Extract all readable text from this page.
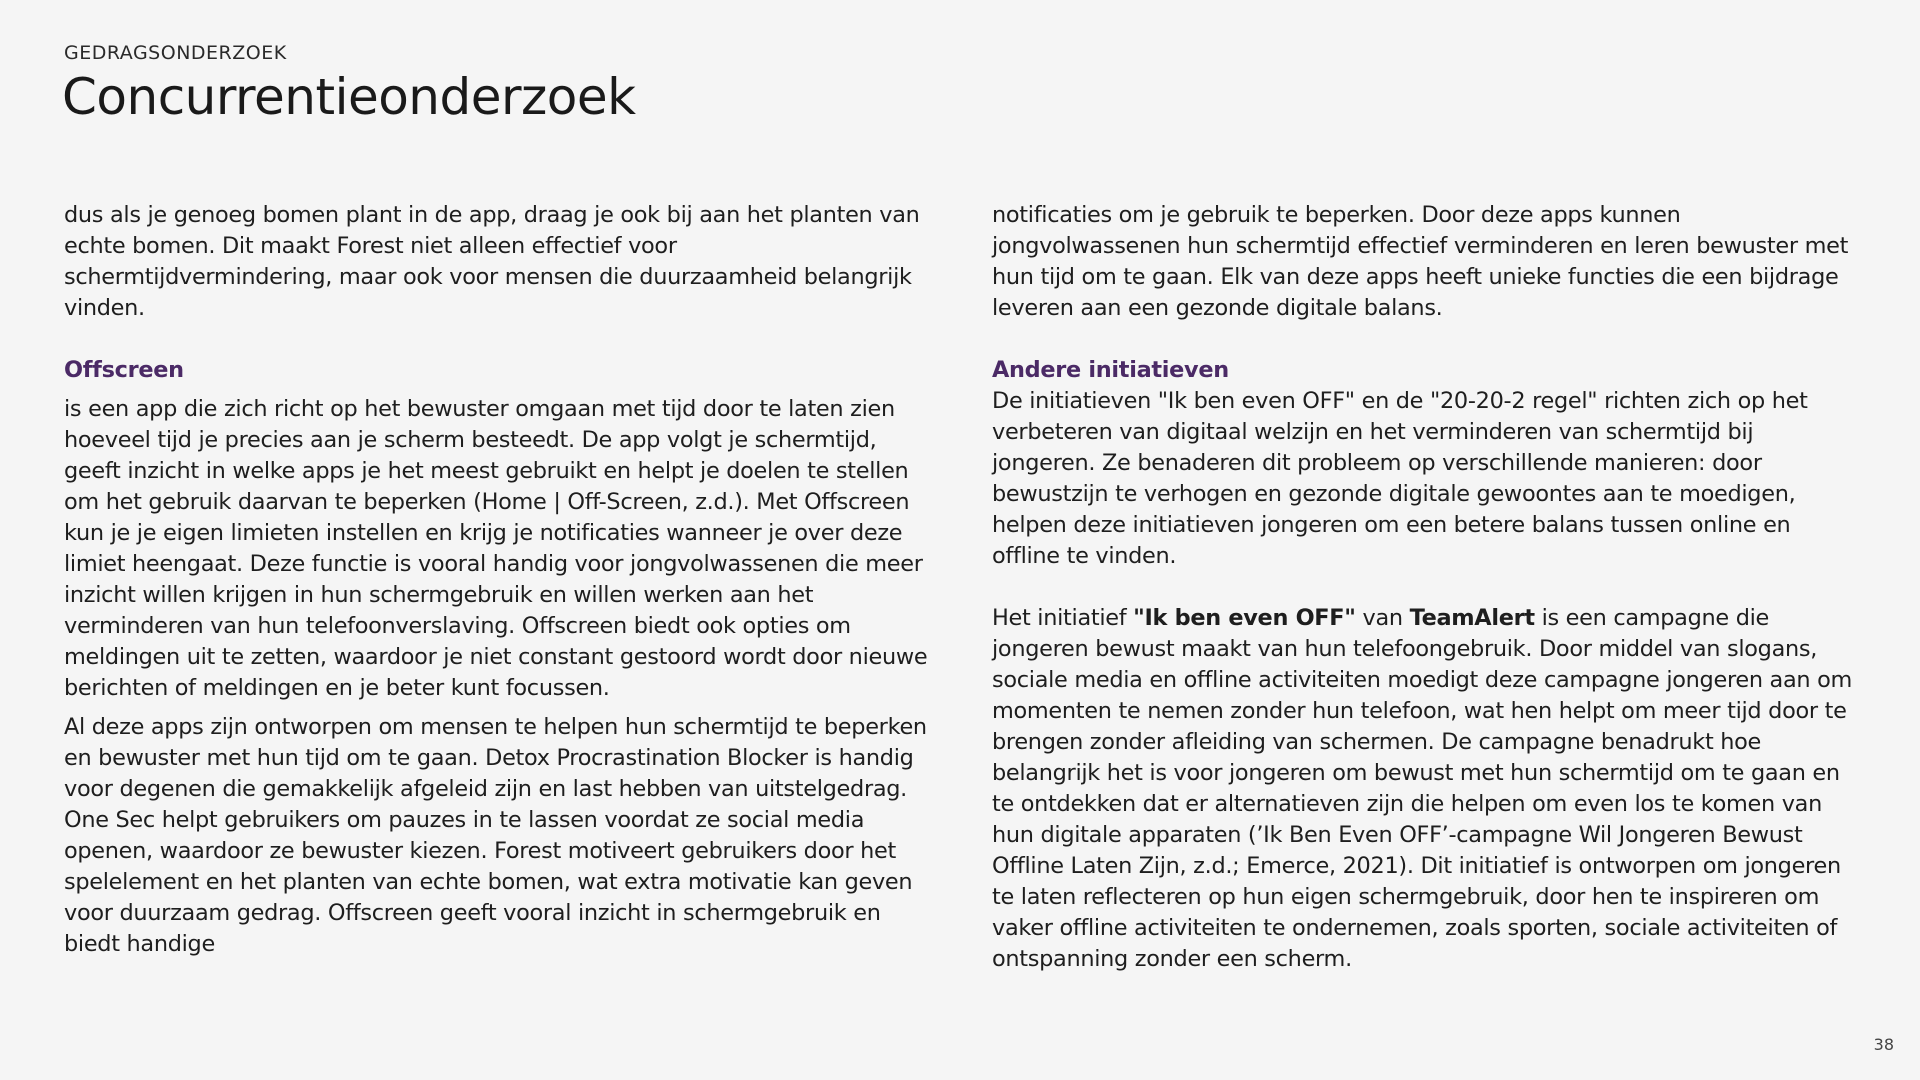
GEDRAGSONDERZOEK
Concurrentieonderzoek

dus als je genoeg bomen plant in de app, draag je ook bij aan het planten van echte bomen. Dit maakt Forest niet alleen effectief voor schermtijdvermindering, maar ook voor mensen die duurzaamheid belangrijk vinden.

Offscreen

is een app die zich richt op het bewuster omgaan met tijd door te laten zien hoeveel tijd je precies aan je scherm besteedt. De app volgt je schermtijd, geeft inzicht in welke apps je het meest gebruikt en helpt je doelen te stellen om het gebruik daarvan te beperken (Home | Off-Screen, z.d.). Met Offscreen kun je je eigen limieten instellen en krijg je notificaties wanneer je over deze limiet heengaat. Deze functie is vooral handig voor jongvolwassenen die meer inzicht willen krijgen in hun schermgebruik en willen werken aan het verminderen van hun telefoonverslaving. Offscreen biedt ook opties om meldingen uit te zetten, waardoor je niet constant gestoord wordt door nieuwe berichten of meldingen en je beter kunt focussen.

Al deze apps zijn ontworpen om mensen te helpen hun schermtijd te beperken en bewuster met hun tijd om te gaan. Detox Procrastination Blocker is handig voor degenen die gemakkelijk afgeleid zijn en last hebben van uitstelgedrag. One Sec helpt gebruikers om pauzes in te lassen voordat ze social media openen, waardoor ze bewuster kiezen. Forest motiveert gebruikers door het spelelement en het planten van echte bomen, wat extra motivatie kan geven voor duurzaam gedrag. Offscreen geeft vooral inzicht in schermgebruik en biedt handige

notificaties om je gebruik te beperken. Door deze apps kunnen jongvolwassenen hun schermtijd effectief verminderen en leren bewuster met hun tijd om te gaan. Elk van deze apps heeft unieke functies die een bijdrage leveren aan een gezonde digitale balans.

Andere initiatieven

De initiatieven "Ik ben even OFF" en de "20-20-2 regel" richten zich op het verbeteren van digitaal welzijn en het verminderen van schermtijd bij jongeren. Ze benaderen dit probleem op verschillende manieren: door bewustzijn te verhogen en gezonde digitale gewoontes aan te moedigen, helpen deze initiatieven jongeren om een betere balans tussen online en offline te vinden.

Het initiatief "Ik ben even OFF" van TeamAlert is een campagne die jongeren bewust maakt van hun telefoongebruik. Door middel van slogans, sociale media en offline activiteiten moedigt deze campagne jongeren aan om momenten te nemen zonder hun telefoon, wat hen helpt om meer tijd door te brengen zonder afleiding van schermen. De campagne benadrukt hoe belangrijk het is voor jongeren om bewust met hun schermtijd om te gaan en te ontdekken dat er alternatieven zijn die helpen om even los te komen van hun digitale apparaten (’Ik Ben Even OFF’-campagne Wil Jongeren Bewust Offline Laten Zijn, z.d.; Emerce, 2021). Dit initiatief is ontworpen om jongeren te laten reflecteren op hun eigen schermgebruik, door hen te inspireren om vaker offline activiteiten te ondernemen, zoals sporten, sociale activiteiten of ontspanning zonder een scherm.

38
